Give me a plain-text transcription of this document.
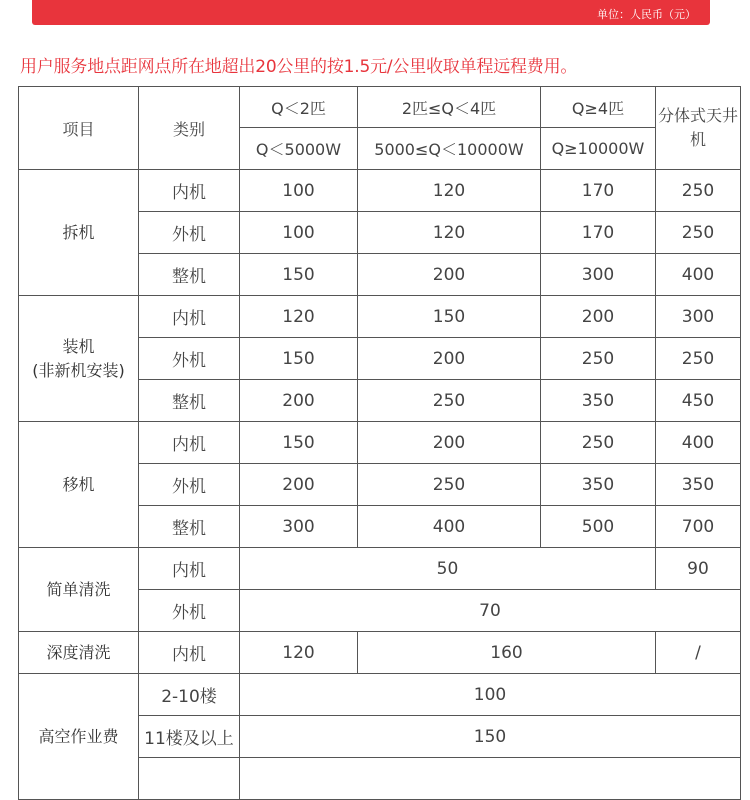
单位：人民币（元）
用户服务地点距网点所在地超出20公里的按1.5元/公里收取单程远程费用。
项目	类别	Q＜2匹	2匹≤Q＜4匹	Q≥4匹	分体式天井机
		Q＜5000W	5000≤Q＜10000W	Q≥10000W	
拆机	内机	100	120	170	250
	外机	100	120	170	250
	整机	150	200	300	400

装机
(非新机安装)	内机	120	150	200	300
	外机	150	200	250	250
	整机	200	250	350	450
移机	内机	150	200	250	400
	外机	200	250	350	350
	整机	300	400	500	700
简单清洗	内机	50			90
	外机	70			
深度清洗	内机	120	160		/
高空作业费	2-10楼	100			
	11楼及以上	150			
